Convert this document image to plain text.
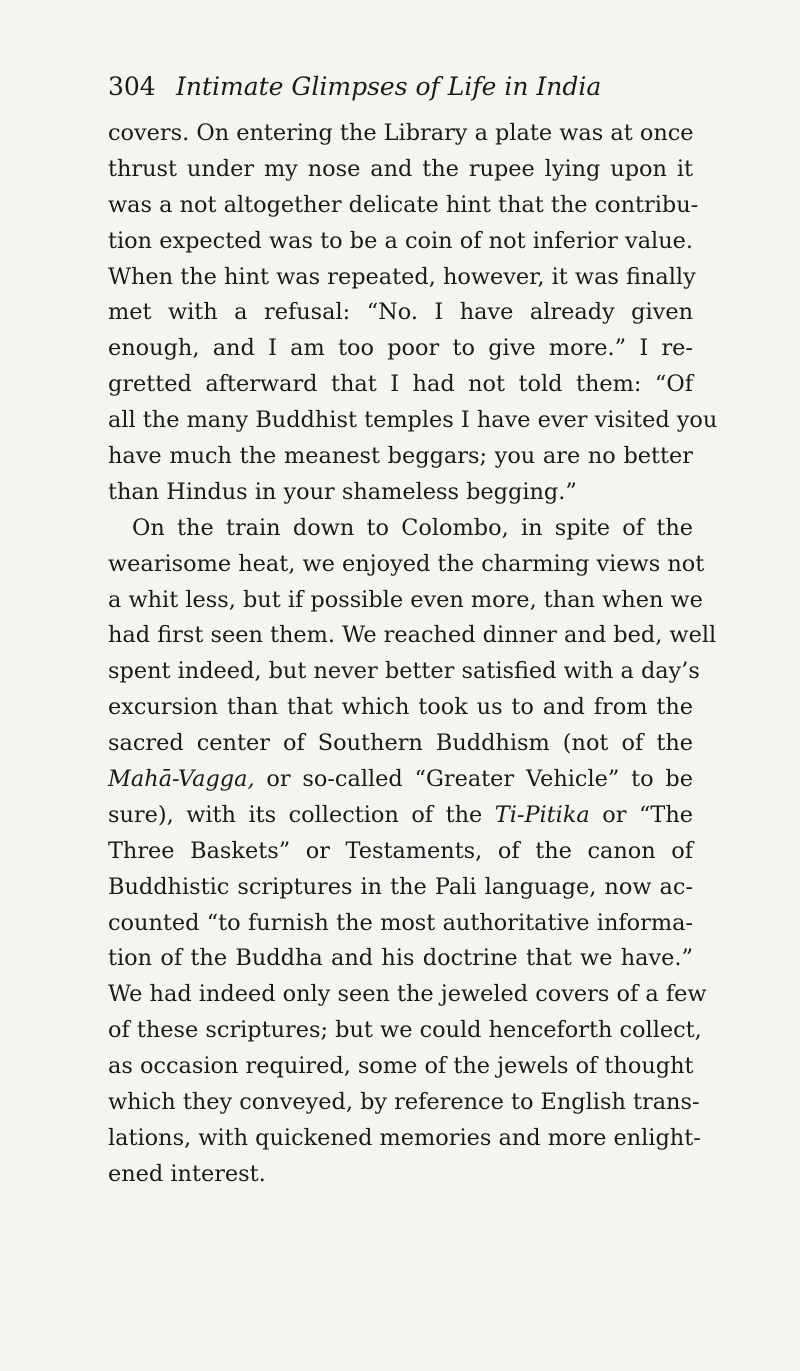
304 Intimate Glimpses of Life in India
covers. On entering the Library a plate was at once
thrust under my nose and the rupee lying upon it
was a not altogether delicate hint that the contribu-
tion expected was to be a coin of not inferior value.
When the hint was repeated, however, it was finally
met with a refusal: “No. I have already given
enough, and I am too poor to give more.” I re-
gretted afterward that I had not told them: “Of
all the many Buddhist temples I have ever visited you
have much the meanest beggars; you are no better
than Hindus in your shameless begging.”
On the train down to Colombo, in spite of the
wearisome heat, we enjoyed the charming views not
a whit less, but if possible even more, than when we
had first seen them. We reached dinner and bed, well
spent indeed, but never better satisfied with a day’s
excursion than that which took us to and from the
sacred center of Southern Buddhism (not of the
Mahā-Vagga, or so-called “Greater Vehicle” to be
sure), with its collection of the Ti-Pitika or “The
Three Baskets” or Testaments, of the canon of
Buddhistic scriptures in the Pali language, now ac-
counted “to furnish the most authoritative informa-
tion of the Buddha and his doctrine that we have.”
We had indeed only seen the jeweled covers of a few
of these scriptures; but we could henceforth collect,
as occasion required, some of the jewels of thought
which they conveyed, by reference to English trans-
lations, with quickened memories and more enlight-
ened interest.
